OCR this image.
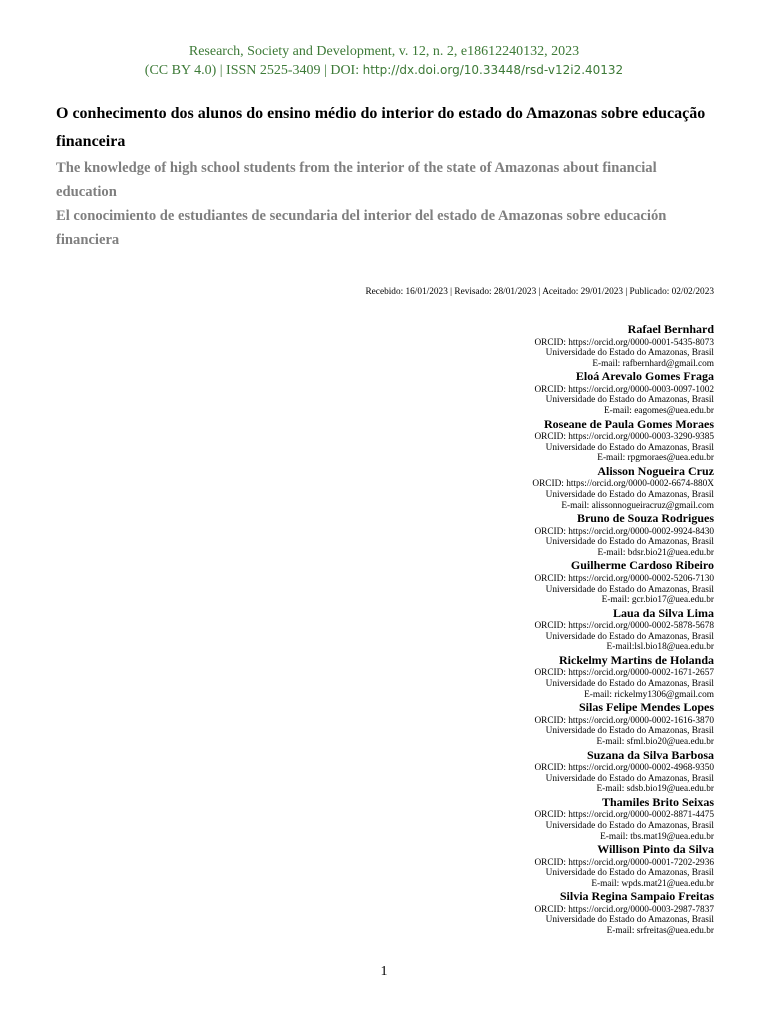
Research, Society and Development, v. 12, n. 2, e18612240132, 2023
(CC BY 4.0) | ISSN 2525-3409 | DOI: http://dx.doi.org/10.33448/rsd-v12i2.40132

O conhecimento dos alunos do ensino médio do interior do estado do Amazonas sobre educação financeira

The knowledge of high school students from the interior of the state of Amazonas about financial education

El conocimiento de estudiantes de secundaria del interior del estado de Amazonas sobre educación financiera

Recebido: 16/01/2023 | Revisado: 28/01/2023 | Aceitado: 29/01/2023 | Publicado: 02/02/2023
Rafael Bernhard
ORCID: https://orcid.org/0000-0001-5435-8073
Universidade do Estado do Amazonas, Brasil
E-mail: rafbernhard@gmail.com
Eloá Arevalo Gomes Fraga
ORCID: https://orcid.org/0000-0003-0097-1002
Universidade do Estado do Amazonas, Brasil
E-mail: eagomes@uea.edu.br
Roseane de Paula Gomes Moraes
ORCID: https://orcid.org/0000-0003-3290-9385
Universidade do Estado do Amazonas, Brasil
E-mail: rpgmoraes@uea.edu.br
Alisson Nogueira Cruz
ORCID: https://orcid.org/0000-0002-6674-880X
Universidade do Estado do Amazonas, Brasil
E-mail: alissonnogueiracruz@gmail.com
Bruno de Souza Rodrigues
ORCID: https://orcid.org/0000-0002-9924-8430
Universidade do Estado do Amazonas, Brasil
E-mail: bdsr.bio21@uea.edu.br
Guilherme Cardoso Ribeiro
ORCID: https://orcid.org/0000-0002-5206-7130
Universidade do Estado do Amazonas, Brasil
E-mail: gcr.bio17@uea.edu.br
Laua da Silva Lima
ORCID: https://orcid.org/0000-0002-5878-5678
Universidade do Estado do Amazonas, Brasil
E-mail:lsl.bio18@uea.edu.br
Rickelmy Martins de Holanda
ORCID: https://orcid.org/0000-0002-1671-2657
Universidade do Estado do Amazonas, Brasil
E-mail: rickelmy1306@gmail.com
Silas Felipe Mendes Lopes
ORCID: https://orcid.org/0000-0002-1616-3870
Universidade do Estado do Amazonas, Brasil
E-mail: sfml.bio20@uea.edu.br
Suzana da Silva Barbosa
ORCID: https://orcid.org/0000-0002-4968-9350
Universidade do Estado do Amazonas, Brasil
E-mail: sdsb.bio19@uea.edu.br
Thamiles Brito Seixas
ORCID: https://orcid.org/0000-0002-8871-4475
Universidade do Estado do Amazonas, Brasil
E-mail: tbs.mat19@uea.edu.br
Willison Pinto da Silva
ORCID: https://orcid.org/0000-0001-7202-2936
Universidade do Estado do Amazonas, Brasil
E-mail: wpds.mat21@uea.edu.br
Silvia Regina Sampaio Freitas
ORCID: https://orcid.org/0000-0003-2987-7837
Universidade do Estado do Amazonas, Brasil
E-mail: srfreitas@uea.edu.br
1
